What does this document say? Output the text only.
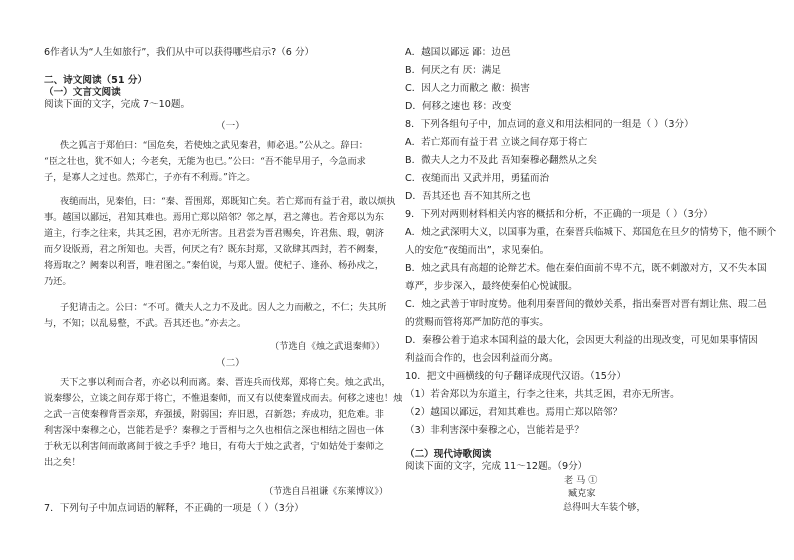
6作者认为“人生如旅行”，我们从中可以获得哪些启示?（6 分）
二、诗文阅读（51 分）
（一）文言文阅读
阅读下面的文字，完成 7～10题。
（一）
佚之狐言于郑伯曰：“国危矣，若使烛之武见秦君，师必退。”公从之。辞曰：
“臣之壮也，犹不如人；今老矣，无能为也已。”公曰：“吾不能早用子，今急而求
子，是寡人之过也。然郑亡，子亦有不利焉。”许之。
夜缒而出，见秦伯，曰：“秦、晋围郑，郑既知亡矣。若亡郑而有益于君，敢以烦执
事。越国以鄙远，君知其难也。焉用亡郑以陪邻？邻之厚，君之薄也。若舍郑以为东
道主，行李之往来，共其乏困，君亦无所害。且君尝为晋君赐矣，许君焦、瑕，朝济
而夕设版焉，君之所知也。夫晋，何厌之有？既东封郑，又欲肆其西封，若不阙秦，
将焉取之？阙秦以利晋，唯君图之。”秦伯说，与郑人盟。使杞子、逢孙、杨孙戍之，
乃还。
子犯请击之。公曰：“不可。微夫人之力不及此。因人之力而敝之，不仁；失其所
与，不知；以乱易整，不武。吾其还也。”亦去之。
（节选自《烛之武退秦师》）
（二）
天下之事以利而合者，亦必以利而离。秦、晋连兵而伐郑，郑将亡矣。烛之武出，
说秦缪公，立谈之间存郑于将亡，不惟退秦师，而又有以使秦置戍而去。何移之速也！烛
之武一言使秦穆背晋亲郑，弃强援，附弱国；弃旧恩，召新怨；弃成功，犯危难。非
利害深中秦穆之心，岂能若是乎？秦穆之于晋相与之久也相信之深也相结之固也一体
于秋无以利害间而敢离间于彼之手乎？地日，有苟大于烛之武者，宁如姑处于秦师之
出之矣！
（节选自吕祖谦《东莱博议》）
7．下列句子中加点词语的解释，不正确的一项是（ ）（3分）
A．越国以鄙远 鄙：边邑
B．何厌之有 厌：满足
C．因人之力而敝之 敝：损害
D．何移之速也 移：改变
8．下列各组句子中，加点词的意义和用法相同的一组是（ ）（3分）
A．若亡郑而有益于君 立谈之间存郑于将亡
B．微夫人之力不及此 吾知秦穆必翻然从之矣
C．夜缒而出 又武并用，勇猛而治
D．吾其还也 吾不知其所之也
9．下列对两则材料相关内容的概括和分析，不正确的一项是（ ）（3分）
A．烛之武深明大义，以国事为重，在秦晋兵临城下、郑国危在旦夕的情势下，他不顾个
人的安危“夜缒而出”，求见秦伯。
B．烛之武具有高超的论辩艺术。他在秦伯面前不卑不亢，既不刺激对方，又不失本国
尊严，步步深入，最终使秦伯心悦诚服。
C．烛之武善于审时度势。他利用秦晋间的微妙关系，指出秦晋对晋有割让焦、瑕二邑
的赏赐而管将郑严加防范的事实。
D．秦穆公着于追求本国利益的最大化，会因更大利益的出现改变，可见如果事情因
利益而合作的，也会因利益而分离。
10．把文中画横线的句子翻译成现代汉语。（15分）
（1）若舍郑以为东道主，行李之往来，共其乏困，君亦无所害。
（2）越国以鄙远，君知其难也。焉用亡郑以陪邻？
（3）非利害深中秦穆之心，岂能若是乎？
（二）现代诗歌阅读
阅读下面的文字，完成 11～12题。（9分）
老 马 ①
臧克家
总得叫大车装个够，
